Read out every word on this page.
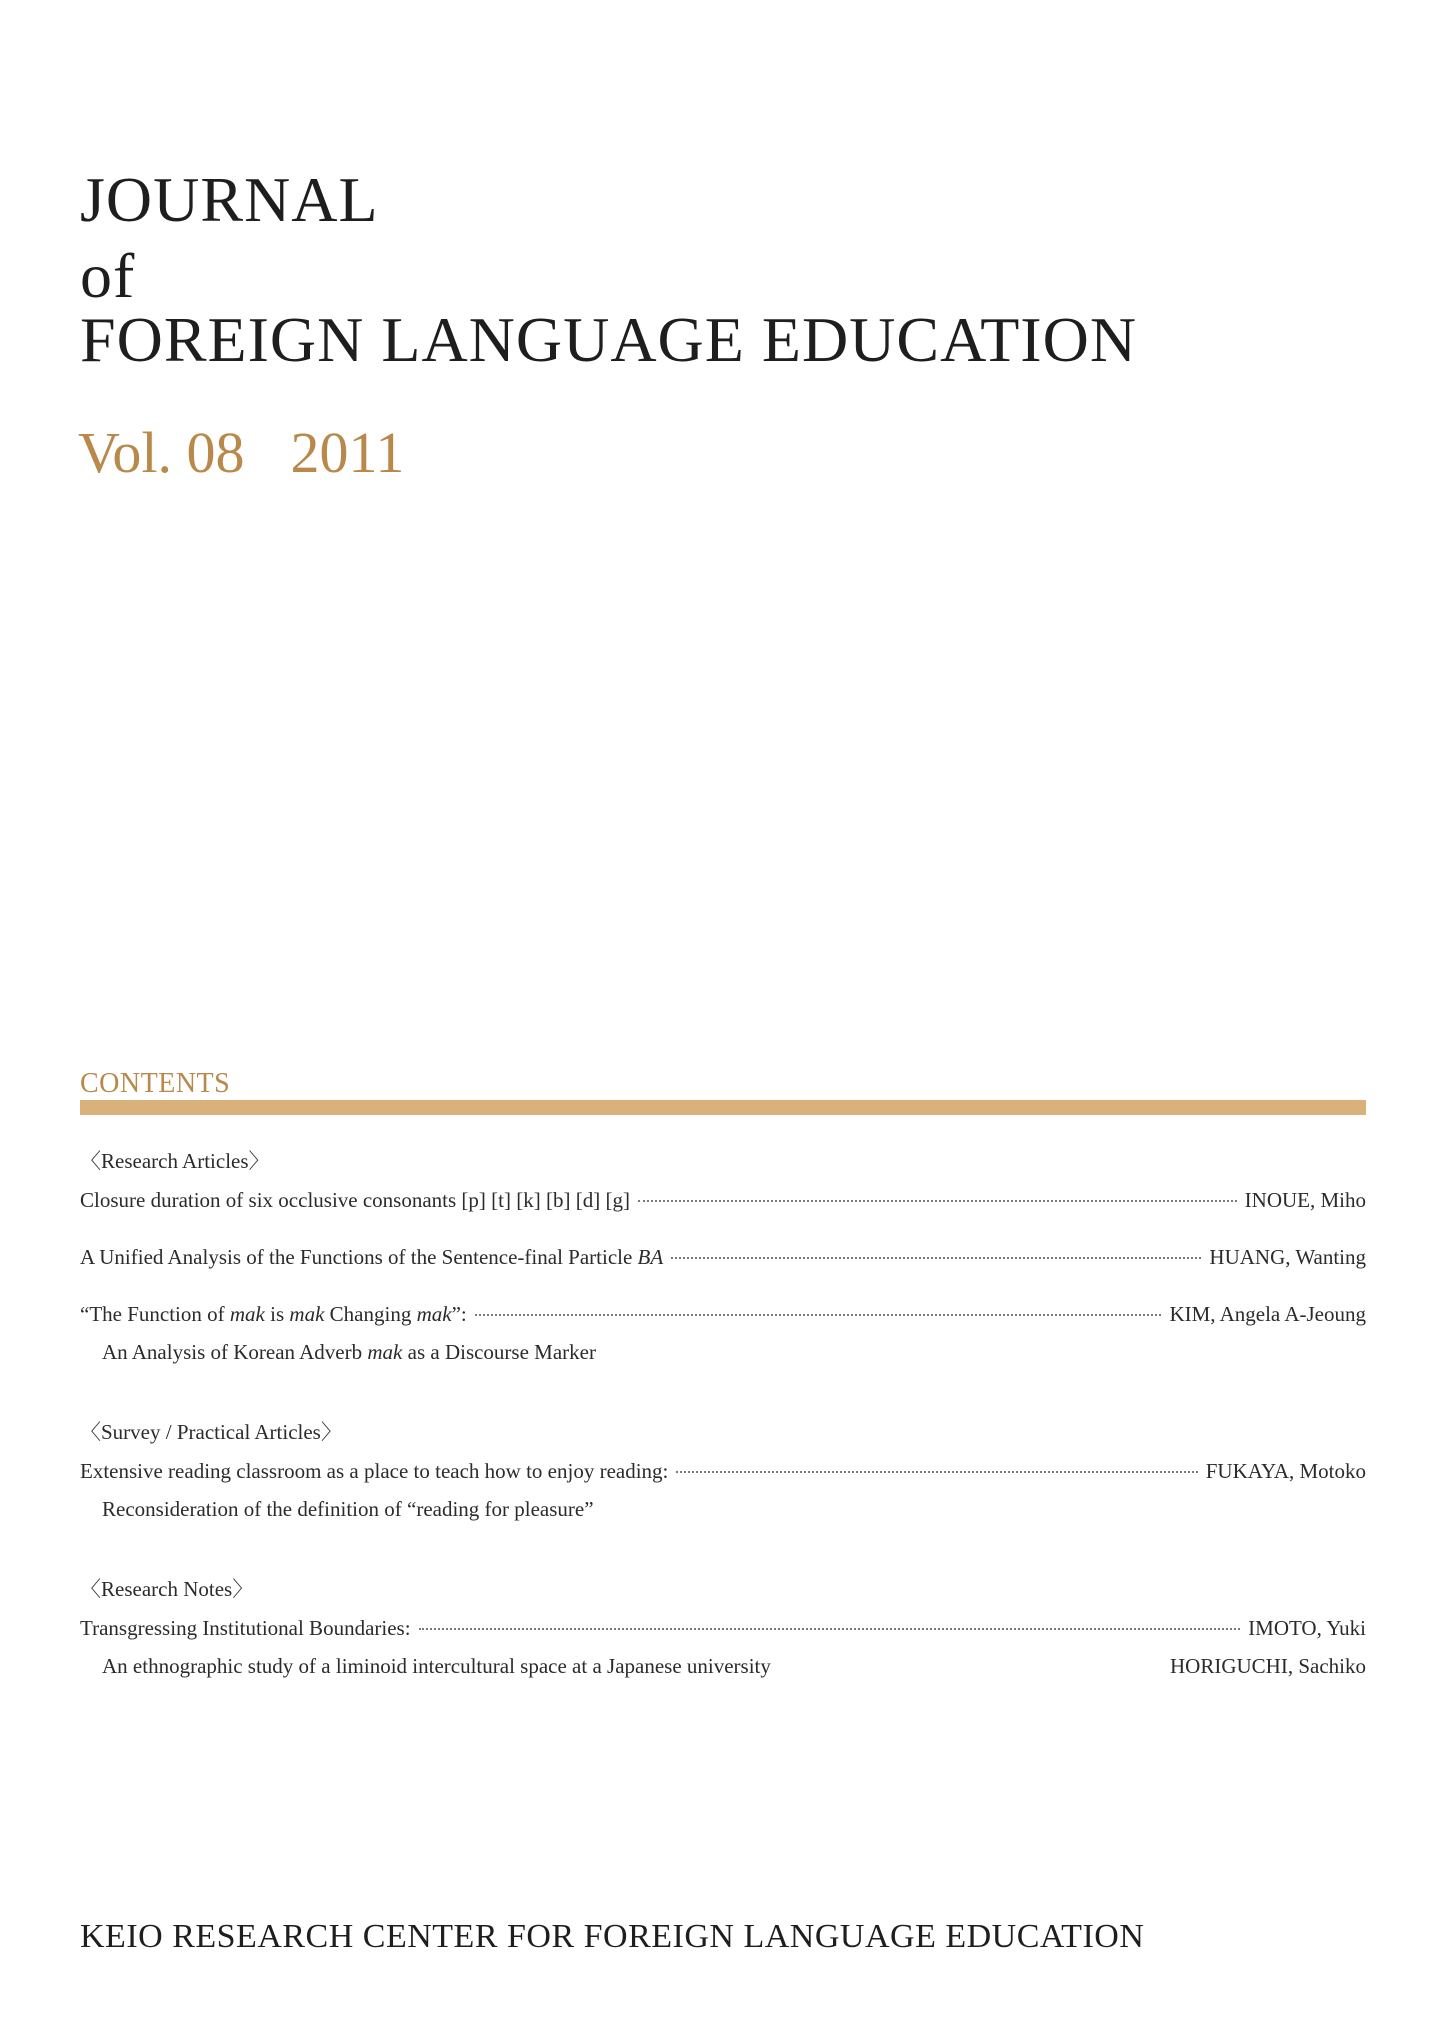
JOURNAL
of
FOREIGN LANGUAGE EDUCATION
Vol. 08 2011
CONTENTS
〈Research Articles〉
Closure duration of six occlusive consonants [p] [t] [k] [b] [d] [g]	INOUE, Miho
A Unified Analysis of the Functions of the Sentence-final Particle BA	HUANG, Wanting
“The Function of mak is mak Changing mak”:	KIM, Angela A-Jeoung
An Analysis of Korean Adverb mak as a Discourse Marker
〈Survey / Practical Articles〉
Extensive reading classroom as a place to teach how to enjoy reading:	FUKAYA, Motoko
Reconsideration of the definition of “reading for pleasure”
〈Research Notes〉
Transgressing Institutional Boundaries:	IMOTO, Yuki
An ethnographic study of a liminoid intercultural space at a Japanese university	HORIGUCHI, Sachiko
KEIO RESEARCH CENTER FOR FOREIGN LANGUAGE EDUCATION
